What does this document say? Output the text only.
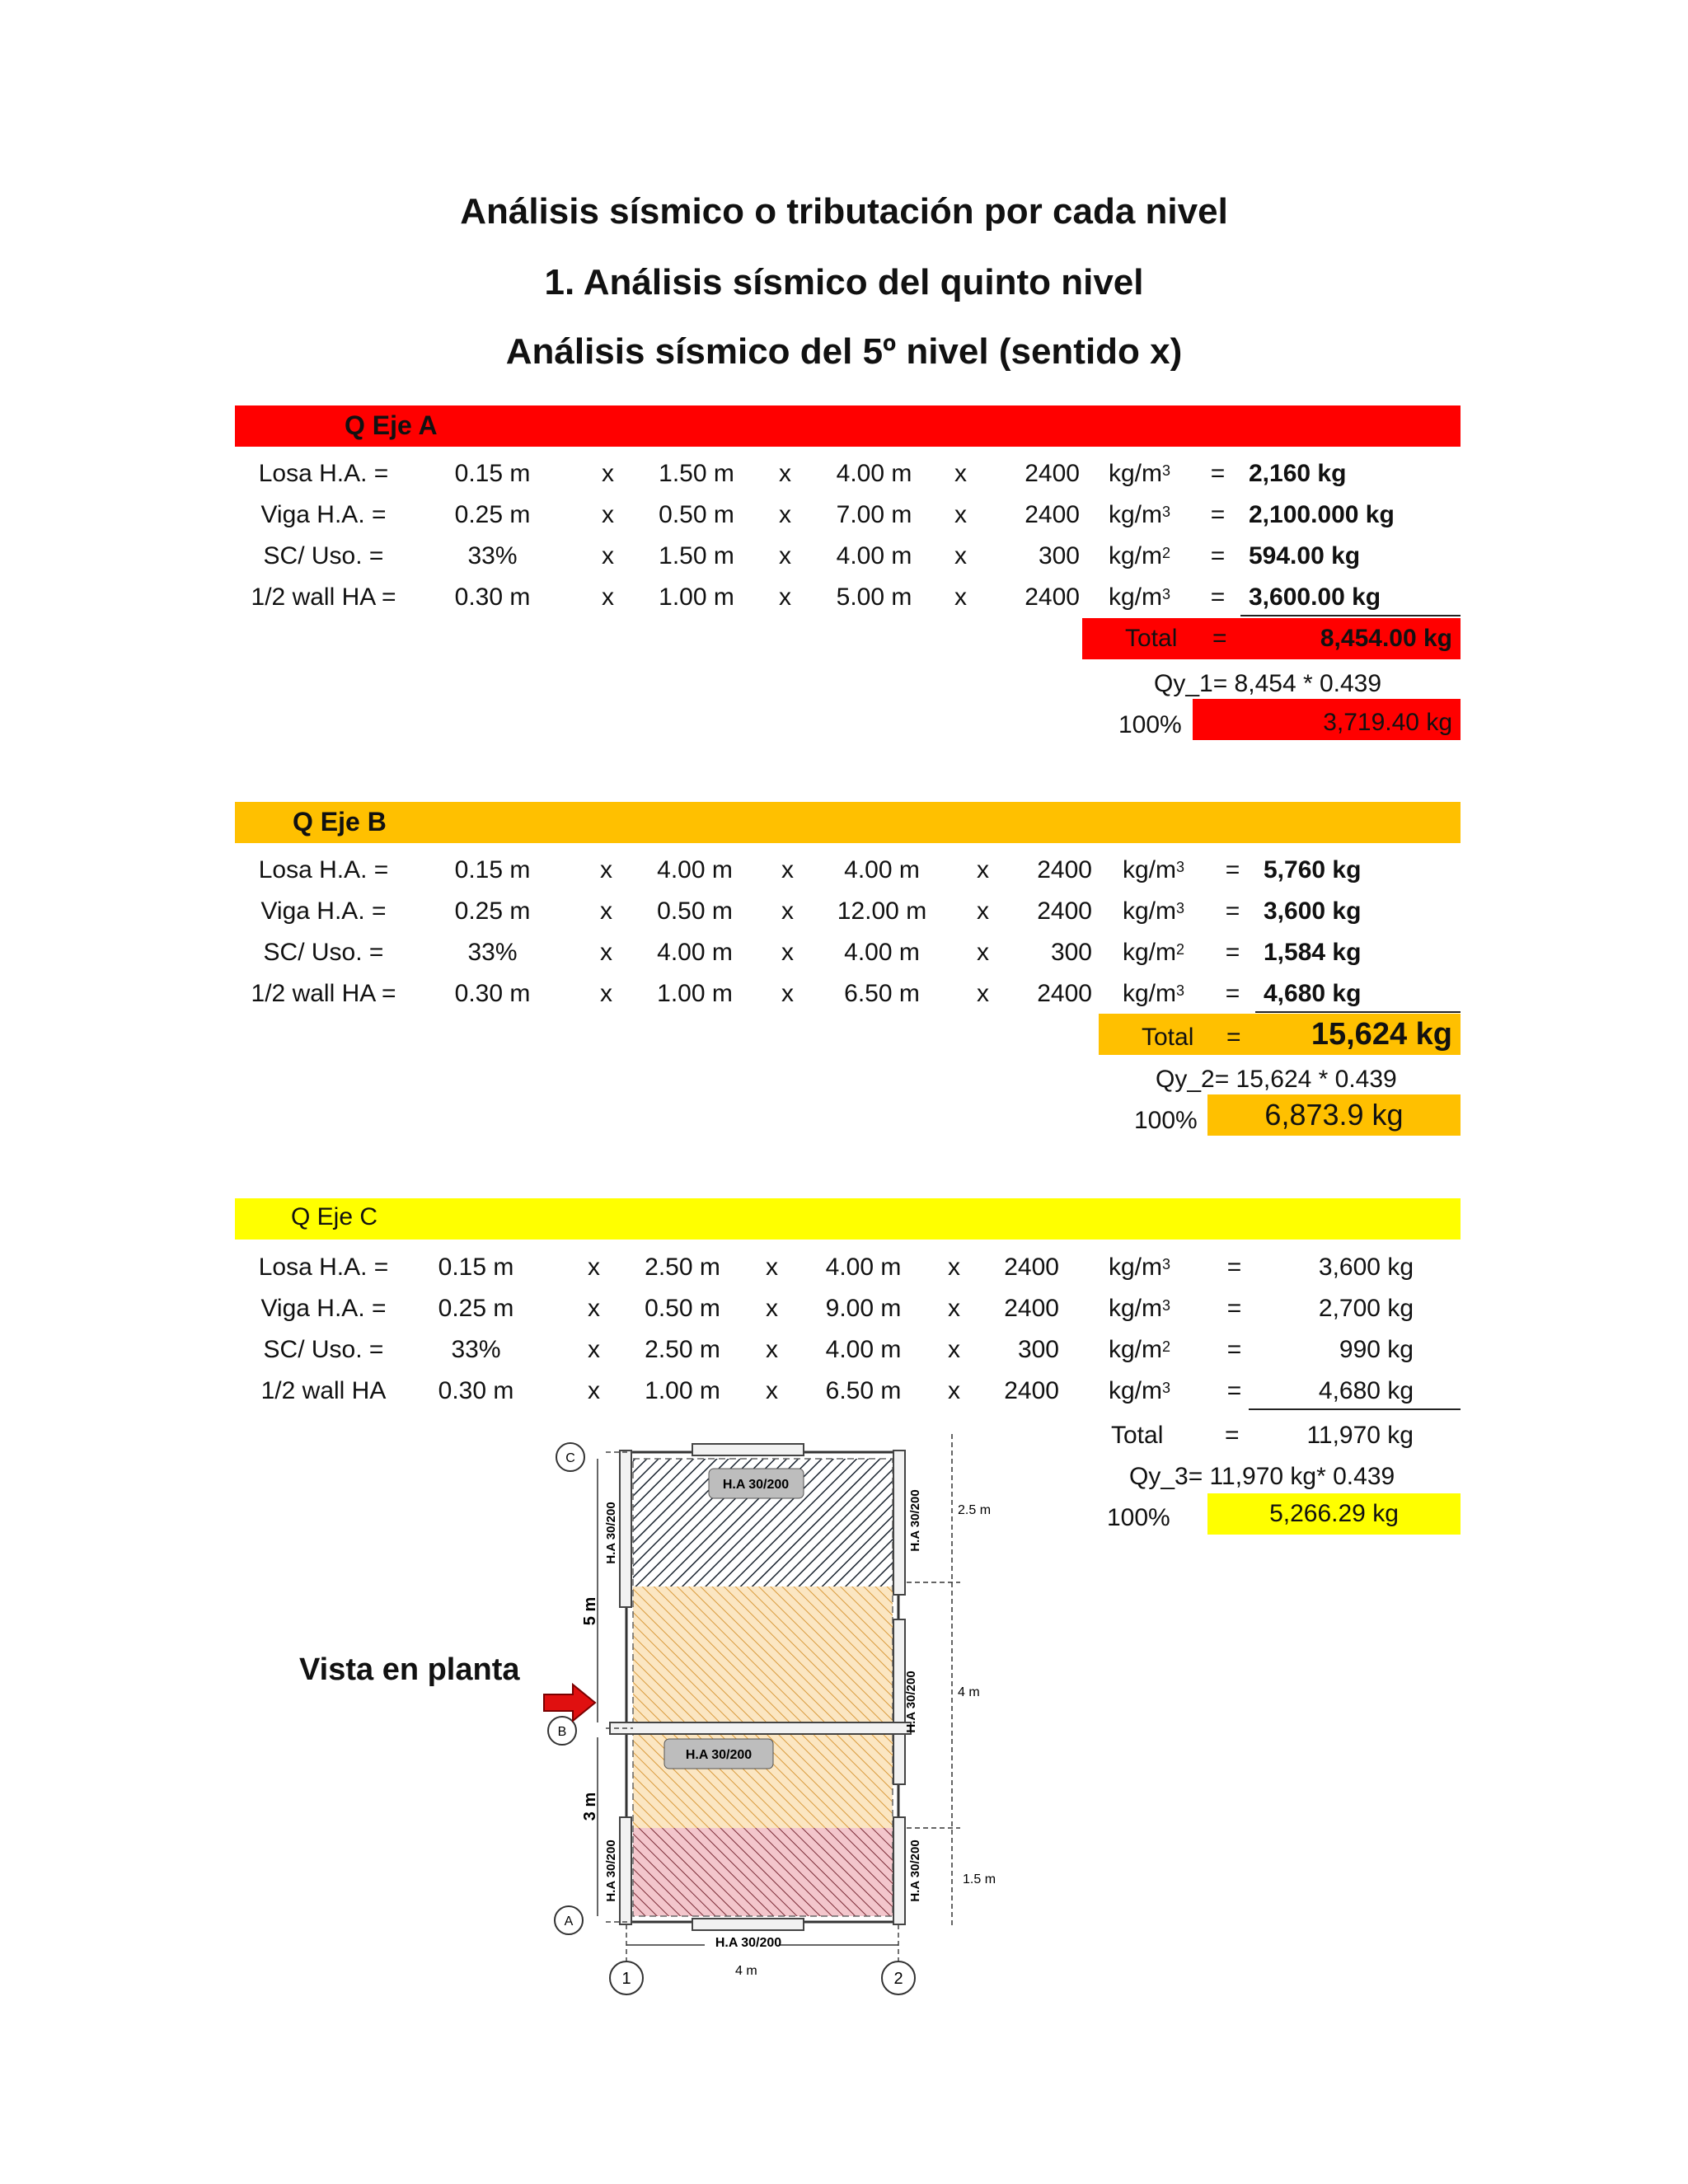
Análisis sísmico o tributación por cada nivel
1. Análisis sísmico del quinto nivel
Análisis sísmico del 5º nivel (sentido x)
Q Eje A
Losa H.A. =	0.15 m	x	1.50 m	x	4.00 m	x	2400 $kg/m^3$	= 2,160 kg
Viga H.A. =	0.25 m	x	0.50 m	x	7.00 m	x	2400 $kg/m^3$	= 2,100.000 kg
SC/ Uso. =	33%	x	1.50 m	x	4.00 m	x	300 $kg/m^2$	= 594.00 kg
1/2 wall HA =	0.30 m	x	1.00 m	x	5.00 m	x	2400 $kg/m^3$	= 3,600.00 kg
Total =	8,454.00 kg
Qy_1= 8,454 * 0.439
100%	3,719.40 kg
Q Eje B
Losa H.A. =	0.15 m	x	4.00 m	x	4.00 m	x	2400 $kg/m^3$	= 5,760 kg
Viga H.A. =	0.25 m	x	0.50 m	x 12.00 m x	2400 $kg/m^3$	= 3,600 kg
SC/ Uso. =	33%	x	4.00 m	x	4.00 m	x	300 $kg/m^2$	= 1,584 kg
1/2 wall HA =	0.30 m	x	1.00 m	x	6.50 m	x	2400 $kg/m^3$	= 4,680 kg
Total = 15,624 kg
Qy_2= 15,624 * 0.439
100%	6,873.9 kg
Q Eje C
Losa H.A. =	0.15 m	x	2.50 m	x	4.00 m	x	2400 $kg/m^3$	=	3,600 kg
Viga H.A. =	0.25 m	x	0.50 m	x	9.00 m	x	2400 $kg/m^3$	=	2,700 kg
SC/ Uso. =	33%	x	2.50 m	x	4.00 m	x	300 $kg/m^2$	=	990 kg
1/2 wall HA	0.30 m	x	1.00 m	x	6.50 m	x	2400 $kg/m^3$	=	4,680 kg
Total =	11,970 kg
Qy_3= 11,970 kg* 0.439
100%	5,266.29 kg
Vista en planta
C
B
A
1	2
H.A 30/200
H.A 30/200
H.A 30/200
H.A 30/200
H.A 30/200
H.A 30/200
H.A 30/200
H.A 30/200
5 m
3 m
2.5 m
4 m
1.5 m
4 m
